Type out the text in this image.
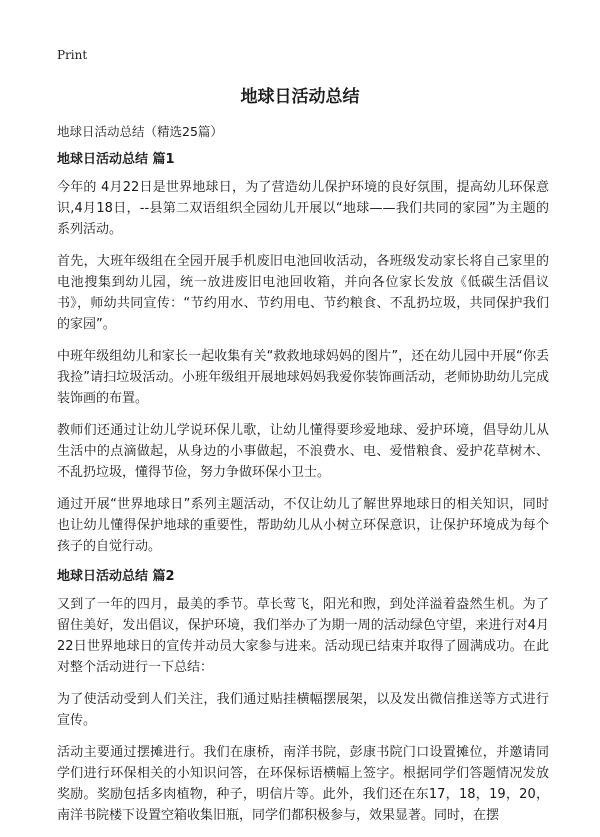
Print
地球日活动总结

地球日活动总结（精选25篇）

地球日活动总结 篇1

今年的 4月22日是世界地球日，为了营造幼儿保护环境的良好氛围，提高幼儿环保意识,4月18日，--县第二双语组织全园幼儿开展以“地球——我们共同的家园”为主题的系列活动。

首先，大班年级组在全园开展手机废旧电池回收活动，各班级发动家长将自己家里的电池搜集到幼儿园，统一放进废旧电池回收箱，并向各位家长发放《低碳生活倡议书》，师幼共同宣传：“节约用水、节约用电、节约粮食、不乱扔垃圾，共同保护我们的家园”。

中班年级组幼儿和家长一起收集有关“救救地球妈妈的图片”，还在幼儿园中开展“你丢我捡”请扫垃圾活动。小班年级组开展地球妈妈我爱你装饰画活动，老师协助幼儿完成装饰画的布置。

教师们还通过让幼儿学说环保儿歌，让幼儿懂得要珍爱地球、爱护环境，倡导幼儿从生活中的点滴做起，从身边的小事做起，不浪费水、电、爱惜粮食、爱护花草树木、不乱扔垃圾，懂得节俭，努力争做环保小卫士。

通过开展“世界地球日”系列主题活动，不仅让幼儿了解世界地球日的相关知识，同时也让幼儿懂得保护地球的重要性，帮助幼儿从小树立环保意识，让保护环境成为每个孩子的自觉行动。

地球日活动总结 篇2

又到了一年的四月，最美的季节。草长莺飞，阳光和煦，到处洋溢着盎然生机。为了留住美好，发出倡议，保护环境，我们举办了为期一周的活动绿色守望，来进行对4月22日世界地球日的宣传并动员大家参与进来。活动现已结束并取得了圆满成功。在此对整个活动进行一下总结：

为了使活动受到人们关注，我们通过贴挂横幅摆展架，以及发出微信推送等方式进行宣传。

活动主要通过摆摊进行。我们在康桥，南洋书院，彭康书院门口设置摊位，并邀请同学们进行环保相关的小知识问答，在环保标语横幅上签字。根据同学们答题情况发放奖励。奖励包括多肉植物，种子，明信片等。此外，我们还在东17，18，19，20，南洋书院楼下设置空箱收集旧瓶，同学们都积极参与，效果显著。同时，在摆
